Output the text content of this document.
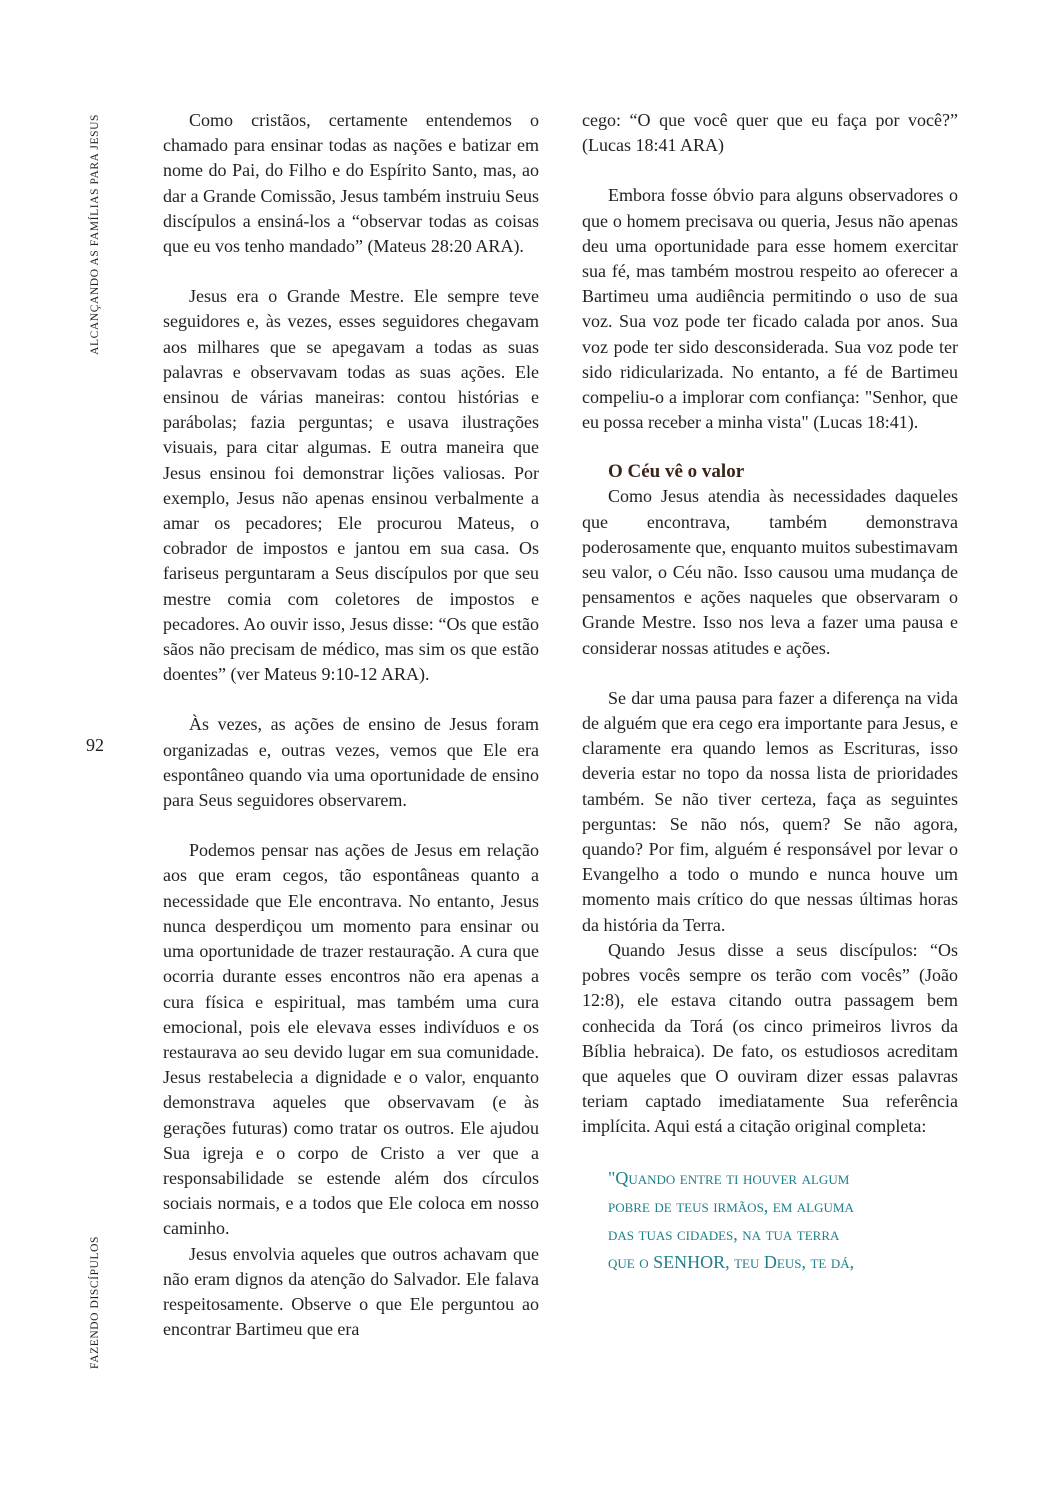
ALCANÇANDO AS FAMÍLIAS PARA JESUS
FAZENDO DISCÍPULOS
92

Como cristãos, certamente entendemos o chamado para ensinar todas as nações e batizar em nome do Pai, do Filho e do Espírito Santo, mas, ao dar a Grande Comissão, Jesus também instruiu Seus discípulos a ensiná-los a “observar todas as coisas que eu vos tenho mandado” (Mateus 28:20 ARA).

Jesus era o Grande Mestre. Ele sempre teve seguidores e, às vezes, esses seguidores chegavam aos milhares que se apegavam a todas as suas palavras e observavam todas as suas ações. Ele ensinou de várias maneiras: contou histórias e parábolas; fazia perguntas; e usava ilustrações visuais, para citar algumas. E outra maneira que Jesus ensinou foi demonstrar lições valiosas. Por exemplo, Jesus não apenas ensinou verbalmente a amar os pecadores; Ele procurou Mateus, o cobrador de impostos e jantou em sua casa. Os fariseus perguntaram a Seus discípulos por que seu mestre comia com coletores de impostos e pecadores. Ao ouvir isso, Jesus disse: “Os que estão sãos não precisam de médico, mas sim os que estão doentes” (ver Mateus 9:10-12 ARA).

Às vezes, as ações de ensino de Jesus foram organizadas e, outras vezes, vemos que Ele era espontâneo quando via uma oportunidade de ensino para Seus seguidores observarem.

Podemos pensar nas ações de Jesus em relação aos que eram cegos, tão espontâneas quanto a necessidade que Ele encontrava. No entanto, Jesus nunca desperdiçou um momento para ensinar ou uma oportunidade de trazer restauração. A cura que ocorria durante esses encontros não era apenas a cura física e espiritual, mas também uma cura emocional, pois ele elevava esses indivíduos e os restaurava ao seu devido lugar em sua comunidade. Jesus restabelecia a dignidade e o valor, enquanto demonstrava aqueles que observavam (e às gerações futuras) como tratar os outros. Ele ajudou Sua igreja e o corpo de Cristo a ver que a responsabilidade se estende além dos círculos sociais normais, e a todos que Ele coloca em nosso caminho.

Jesus envolvia aqueles que outros achavam que não eram dignos da atenção do Salvador. Ele falava respeitosamente. Observe o que Ele perguntou ao encontrar Bartimeu que era

cego: “O que você quer que eu faça por você?” (Lucas 18:41 ARA)

Embora fosse óbvio para alguns observadores o que o homem precisava ou queria, Jesus não apenas deu uma oportunidade para esse homem exercitar sua fé, mas também mostrou respeito ao oferecer a Bartimeu uma audiência permitindo o uso de sua voz. Sua voz pode ter ficado calada por anos. Sua voz pode ter sido desconsiderada. Sua voz pode ter sido ridicularizada. No entanto, a fé de Bartimeu compeliu-o a implorar com confiança: "Senhor, que eu possa receber a minha vista" (Lucas 18:41).

O Céu vê o valor

Como Jesus atendia às necessidades daqueles que encontrava, também demonstrava poderosamente que, enquanto muitos subestimavam seu valor, o Céu não. Isso causou uma mudança de pensamentos e ações naqueles que observaram o Grande Mestre. Isso nos leva a fazer uma pausa e considerar nossas atitudes e ações.

Se dar uma pausa para fazer a diferença na vida de alguém que era cego era importante para Jesus, e claramente era quando lemos as Escrituras, isso deveria estar no topo da nossa lista de prioridades também. Se não tiver certeza, faça as seguintes perguntas: Se não nós, quem? Se não agora, quando? Por fim, alguém é responsável por levar o Evangelho a todo o mundo e nunca houve um momento mais crítico do que nessas últimas horas da história da Terra.

Quando Jesus disse a seus discípulos: “Os pobres vocês sempre os terão com vocês” (João 12:8), ele estava citando outra passagem bem conhecida da Torá (os cinco primeiros livros da Bíblia hebraica). De fato, os estudiosos acreditam que aqueles que O ouviram dizer essas palavras teriam captado imediatamente Sua referência implícita. Aqui está a citação original completa:

"Quando entre ti houver algum
pobre de teus irmãos, em alguma
das tuas cidades, na tua terra
que o SENHOR, teu Deus, te dá,
